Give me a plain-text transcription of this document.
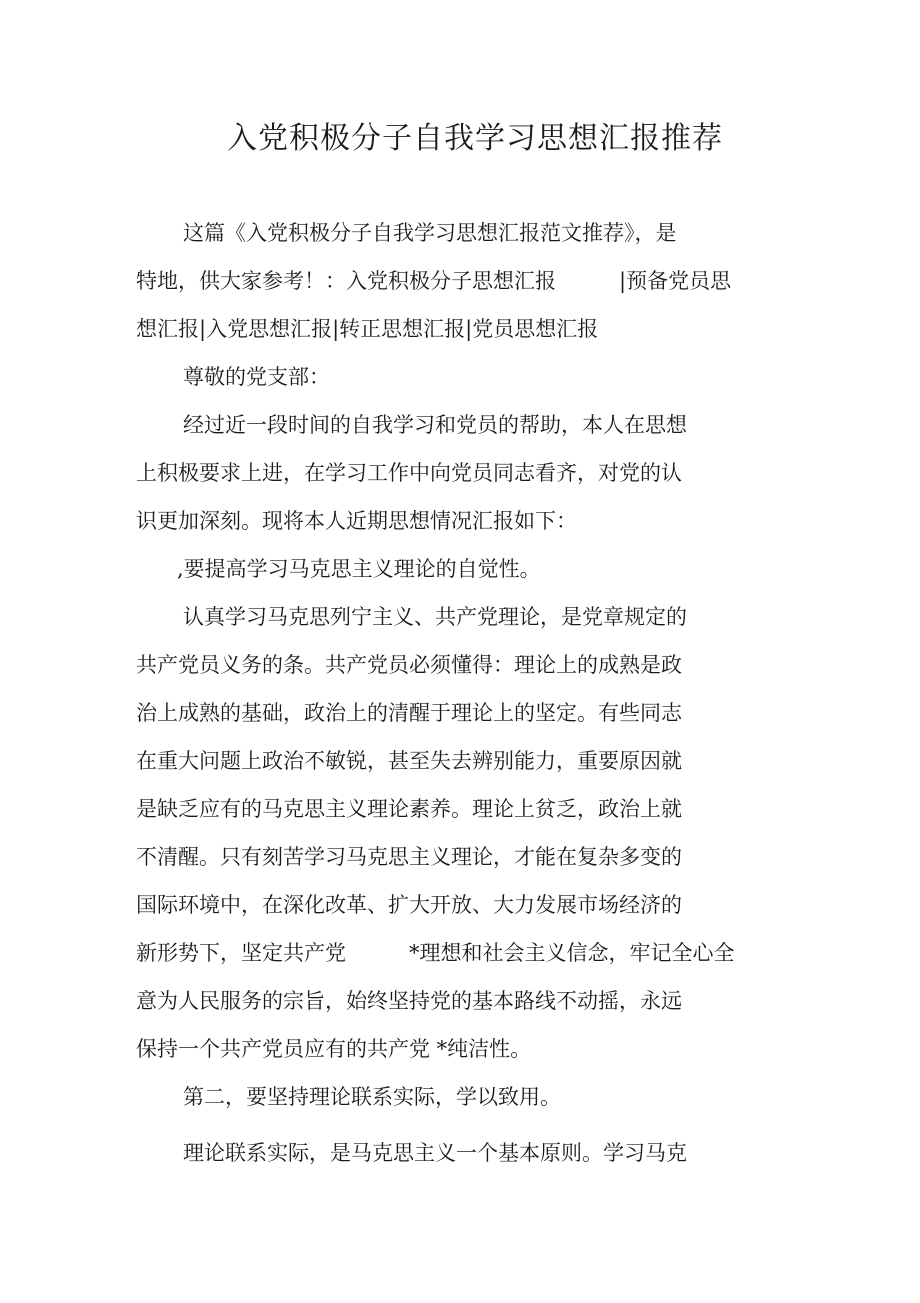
入党积极分子自我学习思想汇报推荐
这篇《入党积极分子自我学习思想汇报范文推荐》，是
特地，供大家参考！：入党积极分子思想汇报　　　|预备党员思
想汇报|入党思想汇报|转正思想汇报|党员思想汇报
尊敬的党支部：
经过近一段时间的自我学习和党员的帮助，本人在思想
上积极要求上进，在学习工作中向党员同志看齐，对党的认
识更加深刻。现将本人近期思想情况汇报如下：
,要提高学习马克思主义理论的自觉性。
认真学习马克思列宁主义、共产党理论，是党章规定的
共产党员义务的条。共产党员必须懂得：理论上的成熟是政
治上成熟的基础，政治上的清醒于理论上的坚定。有些同志
在重大问题上政治不敏锐，甚至失去辨别能力，重要原因就
是缺乏应有的马克思主义理论素养。理论上贫乏，政治上就
不清醒。只有刻苦学习马克思主义理论，才能在复杂多变的
国际环境中，在深化改革、扩大开放、大力发展市场经济的
新形势下，坚定共产党　　　*理想和社会主义信念，牢记全心全
意为人民服务的宗旨，始终坚持党的基本路线不动摇，永远
保持一个共产党员应有的共产党 *纯洁性。
第二，要坚持理论联系实际，学以致用。
理论联系实际，是马克思主义一个基本原则。学习马克
